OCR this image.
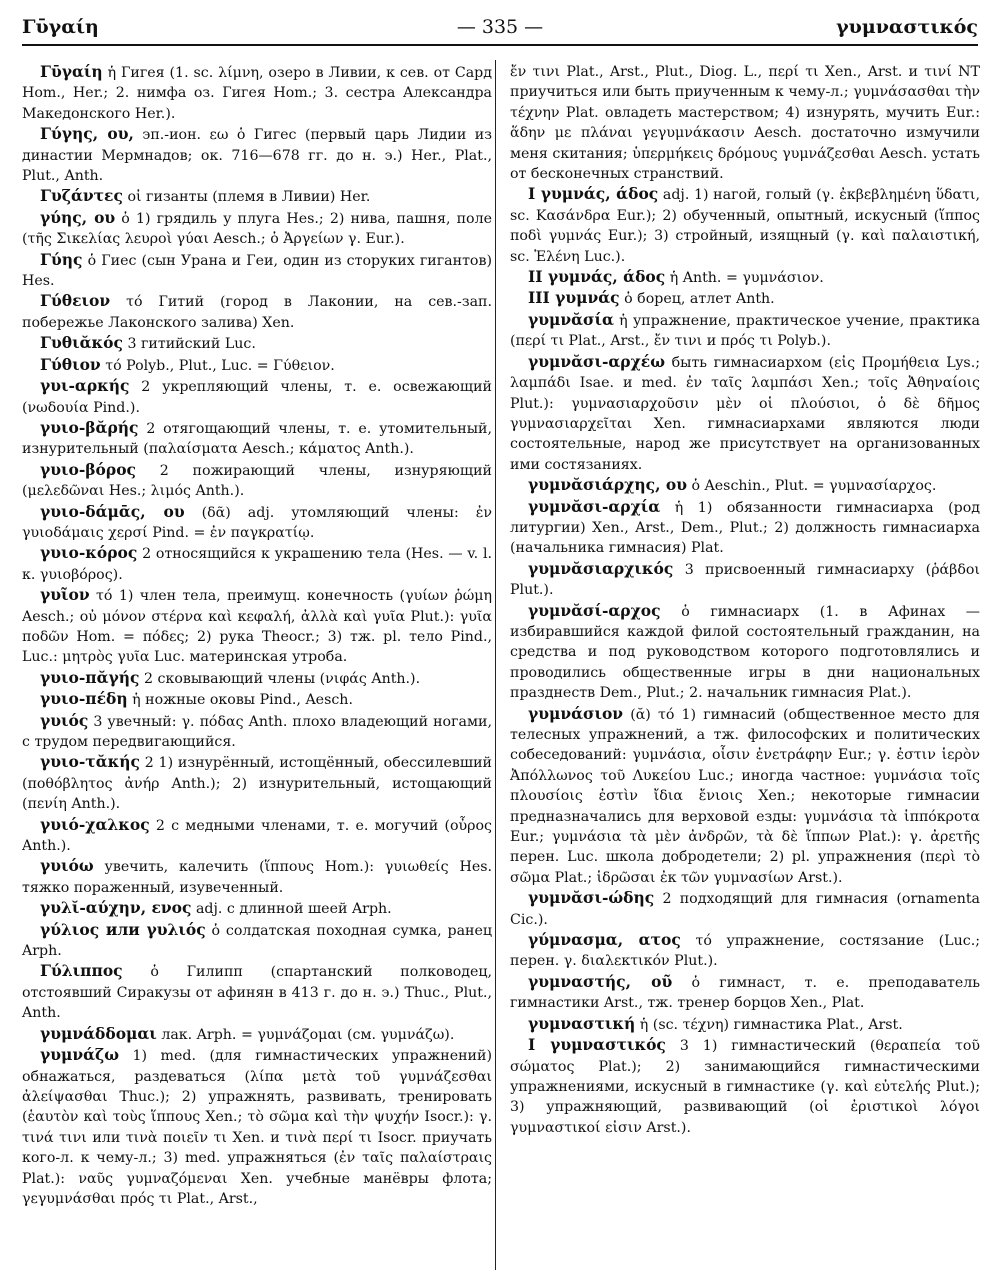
Γῡγαίη	— 335 —	γυμναστικός

Γῡγαίη ἡ Гигея (1. sc. λίμνη, озеро в Ливии, к сев. от Сард Hom., Her.; 2. нимфа оз. Гигея Hom.; 3. сестра Александра Македонского Her.).

Γύγης, ου, эп.-ион. εω ὁ Гигес (первый царь Лидии из династии Мермнадов; ок. 716—678 гг. до н. э.) Her., Plat., Plut., Anth.

Γυζάντες οἱ гизанты (племя в Ливии) Her.

γύης, ου ὁ 1) грядиль у плуга Hes.; 2) нива, пашня, поле (τῆς Σικελίας λευροὶ γύαι Aesch.; ὁ Ἀργείων γ. Eur.).

Γύης ὁ Гиес (сын Урана и Геи, один из сторуких гигантов) Hes.

Γύθειον τό Гитий (город в Лаконии, на сев.-зап. побережье Лаконского залива) Xen.

Γυθιᾰκός 3 гитийский Luc.

Γύθιον τό Polyb., Plut., Luc. = Γύθειον.

γυι-αρκής 2 укрепляющий члены, т. е. освежающий (νωδουία Pind.).

γυιο-βᾰρής 2 отягощающий члены, т. е. утомительный, изнурительный (παλαίσματα Aesch.; κάματος Anth.).

γυιο-βόρος 2 пожирающий члены, изнуряющий (μελεδῶναι Hes.; λιμός Anth.).

γυιο-δάμᾱς, ου (δᾶ) adj. утомляющий члены: ἐν γυιοδάμαις χερσί Pind. = ἐν παγκρατίῳ.

γυιο-κόρος 2 относящийся к украшению тела (Hes. — v. l. к. γυιοβόρος).

γυῖον τό 1) член тела, преимущ. конечность (γυίων ῥώμη Aesch.; οὐ μόνον στέρνα καὶ κεφαλή, ἀλλὰ καὶ γυῖα Plut.): γυῖα ποδῶν Hom. = πόδες; 2) рука Theocr.; 3) тж. pl. тело Pind., Luc.: μητρὸς γυῖα Luc. материнская утроба.

γυιο-πᾰγής 2 сковывающий члены (νιφάς Anth.).

γυιο-πέδη ἡ ножные оковы Pind., Aesch.

γυιός 3 увечный: γ. πόδας Anth. плохо владеющий ногами, с трудом передвигающийся.

γυιο-τᾰκής 2 1) изнурённый, истощённый, обессилевший (ποθόβλητος ἀνήρ Anth.); 2) изнурительный, истощающий (πενίη Anth.).

γυιό-χαλκος 2 с медными членами, т. е. могучий (οὖρος Anth.).

γυιόω увечить, калечить (ἵππους Hom.): γυιωθείς Hes. тяжко пораженный, изувеченный.

γυλῐ-αύχην, ενος adj. с длинной шеей Arph.

γύλιος или γυλιός ὁ солдатская походная сумка, ранец Arph.

Γύλιππος ὁ Гилипп (спартанский полководец, отстоявший Сиракузы от афинян в 413 г. до н. э.) Thuc., Plut., Anth.

γυμνάδδομαι лак. Arph. = γυμνάζομαι (см. γυμνάζω).

γυμνάζω 1) med. (для гимнастических упражнений) обнажаться, раздеваться (λίπα μετὰ τοῦ γυμνάζεσθαι ἀλείψασθαι Thuc.); 2) упражнять, развивать, тренировать (ἑαυτὸν καὶ τοὺς ἵππους Xen.; τὸ σῶμα καὶ τὴν ψυχήν Isocr.): γ. τινά τινι или τινὰ ποιεῖν τι Xen. и τινὰ περί τι Isocr. приучать кого-л. к чему-л.; 3) med. упражняться (ἐν ταῖς παλαίστραις Plat.): ναῦς γυμναζόμεναι Xen. учебные манёвры флота; γεγυμνάσθαι πρός τι Plat., Arst.,

ἔν τινι Plat., Arst., Plut., Diog. L., περί τι Xen., Arst. и τινί NT приучиться или быть приученным к чему-л.; γυμνάσασθαι τὴν τέχνην Plat. овладеть мастерством; 4) изнурять, мучить Eur.: ἅδην με πλάναι γεγυμνάκασιν Aesch. достаточно измучили меня скитания; ὑπερμήκεις δρόμους γυμνάζεσθαι Aesch. устать от бесконечных странствий.

I γυμνάς, άδος adj. 1) нагой, голый (γ. ἐκβεβλημένη ὕδατι, sc. Κασάνδρα Eur.); 2) обученный, опытный, искусный (ἵππος ποδὶ γυμνάς Eur.); 3) стройный, изящный (γ. καὶ παλαιστική, sc. Ἑλένη Luc.).

II γυμνάς, άδος ἡ Anth. = γυμνάσιον.

III γυμνάς ὁ борец, атлет Anth.

γυμνᾰσία ἡ упражнение, практическое учение, практика (περί τι Plat., Arst., ἔν τινι и πρός τι Polyb.).

γυμνᾰσι-αρχέω быть гимнасиархом (εἰς Προμήθεια Lys.; λαμπάδι Isae. и med. ἐν ταῖς λαμπάσι Xen.; τοῖς Ἀθηναίοις Plut.): γυμνασιαρχοῦσιν μὲν οἱ πλούσιοι, ὁ δὲ δῆμος γυμνασιαρχεῖται Xen. гимнасиархами являются люди состоятельные, народ же присутствует на организованных ими состязаниях.

γυμνᾰσιάρχης, ου ὁ Aeschin., Plut. = γυμνασίαρχος.

γυμνᾰσι-αρχία ἡ 1) обязанности гимнасиарха (род литургии) Xen., Arst., Dem., Plut.; 2) должность гимнасиарха (начальника гимнасия) Plat.

γυμνᾰσιαρχικός 3 присвоенный гимнасиарху (ῥάβδοι Plut.).

γυμνᾰσί-αρχος ὁ гимнасиарх (1. в Афинах — избиравшийся каждой филой состоятельный гражданин, на средства и под руководством которого подготовлялись и проводились общественные игры в дни национальных празднеств Dem., Plut.; 2. начальник гимнасия Plat.).

γυμνάσιον (ᾰ) τό 1) гимнасий (общественное место для телесных упражнений, а тж. философских и политических собеседований: γυμνάσια, οἷσιν ἐνετράφην Eur.; γ. ἐστιν ἱερὸν Ἀπόλλωνος τοῦ Λυκείου Luc.; иногда частное: γυμνάσια τοῖς πλουσίοις ἐστὶν ἴδια ἔνιοις Xen.; некоторые гимнасии предназначались для верховой езды: γυμνάσια τὰ ἱππόκροτα Eur.; γυμνάσια τὰ μὲν ἀνδρῶν, τὰ δὲ ἵππων Plat.): γ. ἀρετῆς перен. Luc. школа добродетели; 2) pl. упражнения (περὶ τὸ σῶμα Plat.; ἱδρῶσαι ἐκ τῶν γυμνασίων Arst.).

γυμνᾰσι-ώδης 2 подходящий для гимнасия (ornamenta Cic.).

γύμνασμα, ατος τό упражнение, состязание (Luc.; перен. γ. διαλεκτικόν Plut.).

γυμναστής, οῦ ὁ гимнаст, т. е. преподаватель гимнастики Arst., тж. тренер борцов Xen., Plat.

γυμναστική ἡ (sc. τέχνη) гимнастика Plat., Arst.

I γυμναστικός 3 1) гимнастический (θεραπεία τοῦ σώματος Plat.); 2) занимающийся гимнастическими упражнениями, искусный в гимнастике (γ. καὶ εὐτελής Plut.); 3) упражняющий, развивающий (οἱ ἐριστικοὶ λόγοι γυμναστικοί εἰσιν Arst.).
